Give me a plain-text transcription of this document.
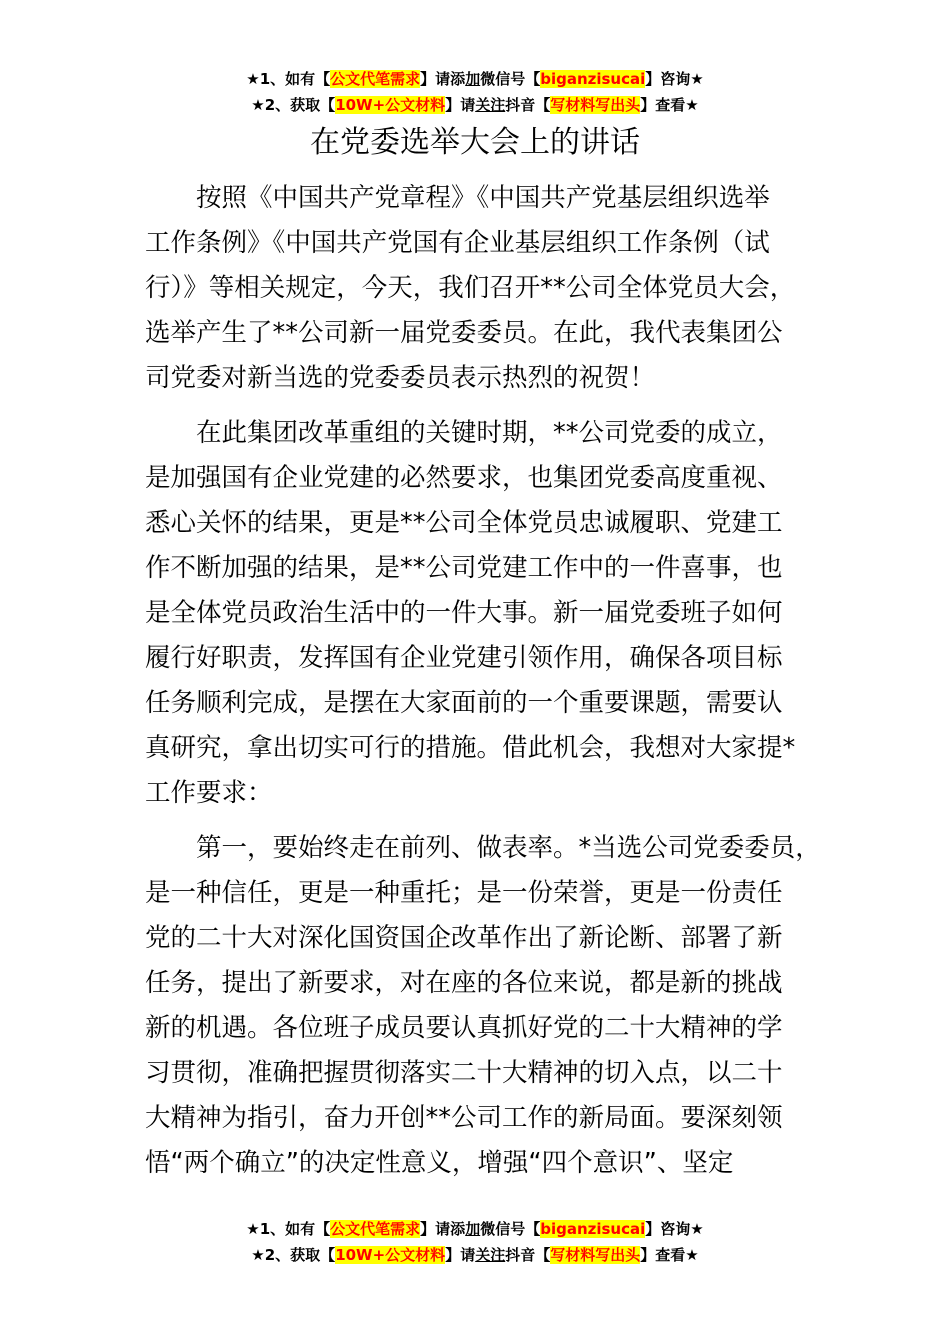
★1、如有【公文代笔需求】请添加微信号【biganzisucai】咨询★
★2、获取【10W+公文材料】请关注抖音【写材料写出头】查看★
在党委选举大会上的讲话

　　按照《中国共产党章程》《中国共产党基层组织选举
工作条例》《中国共产党国有企业基层组织工作条例（试
行）》等相关规定，今天，我们召开**公司全体党员大会，
选举产生了**公司新一届党委委员。在此，我代表集团公
司党委对新当选的党委委员表示热烈的祝贺！

　　在此集团改革重组的关键时期，**公司党委的成立，
是加强国有企业党建的必然要求，也集团党委高度重视、
悉心关怀的结果，更是**公司全体党员忠诚履职、党建工
作不断加强的结果，是**公司党建工作中的一件喜事，也
是全体党员政治生活中的一件大事。新一届党委班子如何
履行好职责，发挥国有企业党建引领作用，确保各项目标
任务顺利完成，是摆在大家面前的一个重要课题，需要认
真研究，拿出切实可行的措施。借此机会，我想对大家提*
工作要求：

　　第一，要始终走在前列、做表率。*当选公司党委委员，
是一种信任，更是一种重托；是一份荣誉，更是一份责任
党的二十大对深化国资国企改革作出了新论断、部署了新
任务，提出了新要求，对在座的各位来说，都是新的挑战
新的机遇。各位班子成员要认真抓好党的二十大精神的学
习贯彻，准确把握贯彻落实二十大精神的切入点，以二十
大精神为指引，奋力开创**公司工作的新局面。要深刻领
悟“两个确立”的决定性意义，增强“四个意识”、坚定

★1、如有【公文代笔需求】请添加微信号【biganzisucai】咨询★
★2、获取【10W+公文材料】请关注抖音【写材料写出头】查看★
